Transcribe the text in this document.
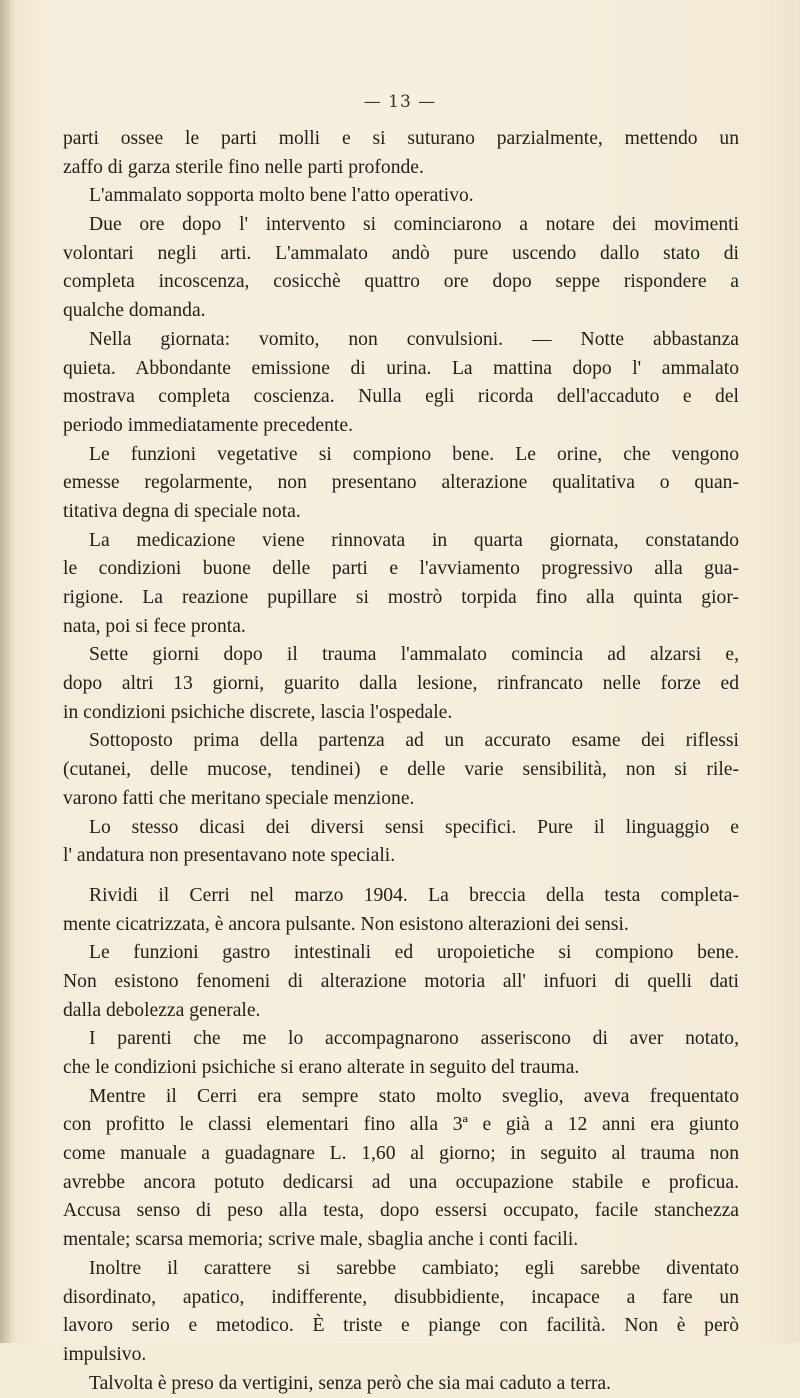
— 13 —
parti ossee le parti molli e si suturano parzialmente, mettendo un
zaffo di garza sterile fino nelle parti profonde.
L'ammalato sopporta molto bene l'atto operativo.
Due ore dopo l' intervento si cominciarono a notare dei movimenti
volontari negli arti. L'ammalato andò pure uscendo dallo stato di
completa incoscenza, cosicchè quattro ore dopo seppe rispondere a
qualche domanda.
Nella giornata: vomito, non convulsioni. — Notte abbastanza
quieta. Abbondante emissione di urina. La mattina dopo l' ammalato
mostrava completa coscienza. Nulla egli ricorda dell'accaduto e del
periodo immediatamente precedente.
Le funzioni vegetative si compiono bene. Le orine, che vengono
emesse regolarmente, non presentano alterazione qualitativa o quan-
titativa degna di speciale nota.
La medicazione viene rinnovata in quarta giornata, constatando
le condizioni buone delle parti e l'avviamento progressivo alla gua-
rigione. La reazione pupillare si mostrò torpida fino alla quinta gior-
nata, poi si fece pronta.
Sette giorni dopo il trauma l'ammalato comincia ad alzarsi e,
dopo altri 13 giorni, guarito dalla lesione, rinfrancato nelle forze ed
in condizioni psichiche discrete, lascia l'ospedale.
Sottoposto prima della partenza ad un accurato esame dei riflessi
(cutanei, delle mucose, tendinei) e delle varie sensibilità, non si rile-
varono fatti che meritano speciale menzione.
Lo stesso dicasi dei diversi sensi specifici. Pure il linguaggio e
l' andatura non presentavano note speciali.
Rividi il Cerri nel marzo 1904. La breccia della testa completa-
mente cicatrizzata, è ancora pulsante. Non esistono alterazioni dei sensi.
Le funzioni gastro intestinali ed uropoietiche si compiono bene.
Non esistono fenomeni di alterazione motoria all' infuori di quelli dati
dalla debolezza generale.
I parenti che me lo accompagnarono asseriscono di aver notato,
che le condizioni psichiche si erano alterate in seguito del trauma.
Mentre il Cerri era sempre stato molto sveglio, aveva frequentato
con profitto le classi elementari fino alla 3ª e già a 12 anni era giunto
come manuale a guadagnare L. 1,60 al giorno; in seguito al trauma non
avrebbe ancora potuto dedicarsi ad una occupazione stabile e proficua.
Accusa senso di peso alla testa, dopo essersi occupato, facile stanchezza
mentale; scarsa memoria; scrive male, sbaglia anche i conti facili.
Inoltre il carattere si sarebbe cambiato; egli sarebbe diventato
disordinato, apatico, indifferente, disubbidiente, incapace a fare un
lavoro serio e metodico. È triste e piange con facilità. Non è però
impulsivo.
Talvolta è preso da vertigini, senza però che sia mai caduto a terra.
